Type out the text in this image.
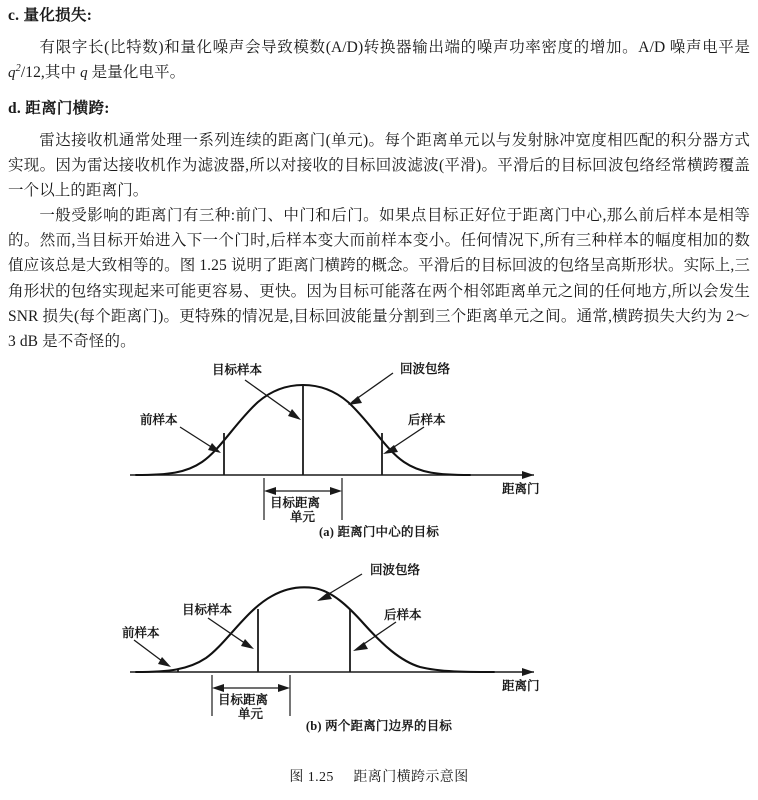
c. 量化损失:

有限字长(比特数)和量化噪声会导致模数(A/D)转换器输出端的噪声功率密度的增加。A/D 噪声电平是 $q^2/12$,其中 q 是量化电平。

d. 距离门横跨:

雷达接收机通常处理一系列连续的距离门(单元)。每个距离单元以与发射脉冲宽度相匹配的积分器方式实现。因为雷达接收机作为滤波器,所以对接收的目标回波滤波(平滑)。平滑后的目标回波包络经常横跨覆盖一个以上的距离门。

一般受影响的距离门有三种:前门、中门和后门。如果点目标正好位于距离门中心,那么前后样本是相等的。然而,当目标开始进入下一个门时,后样本变大而前样本变小。任何情况下,所有三种样本的幅度相加的数值应该总是大致相等的。图 1.25 说明了距离门横跨的概念。平滑后的目标回波的包络呈高斯形状。实际上,三角形状的包络实现起来可能更容易、更快。因为目标可能落在两个相邻距离单元之间的任何地方,所以会发生 SNR 损失(每个距离门)。更特殊的情况是,目标回波能量分割到三个距离单元之间。通常,横跨损失大约为 2～3 dB 是不奇怪的。

目标样本	回波包络
前样本	后样本
距离门
目标距离
单元
(a) 距离门中心的目标
回波包络
目标样本	后样本
前样本
距离门
目标距离
单元
(b) 两个距离门边界的目标
图 1.25 距离门横跨示意图
